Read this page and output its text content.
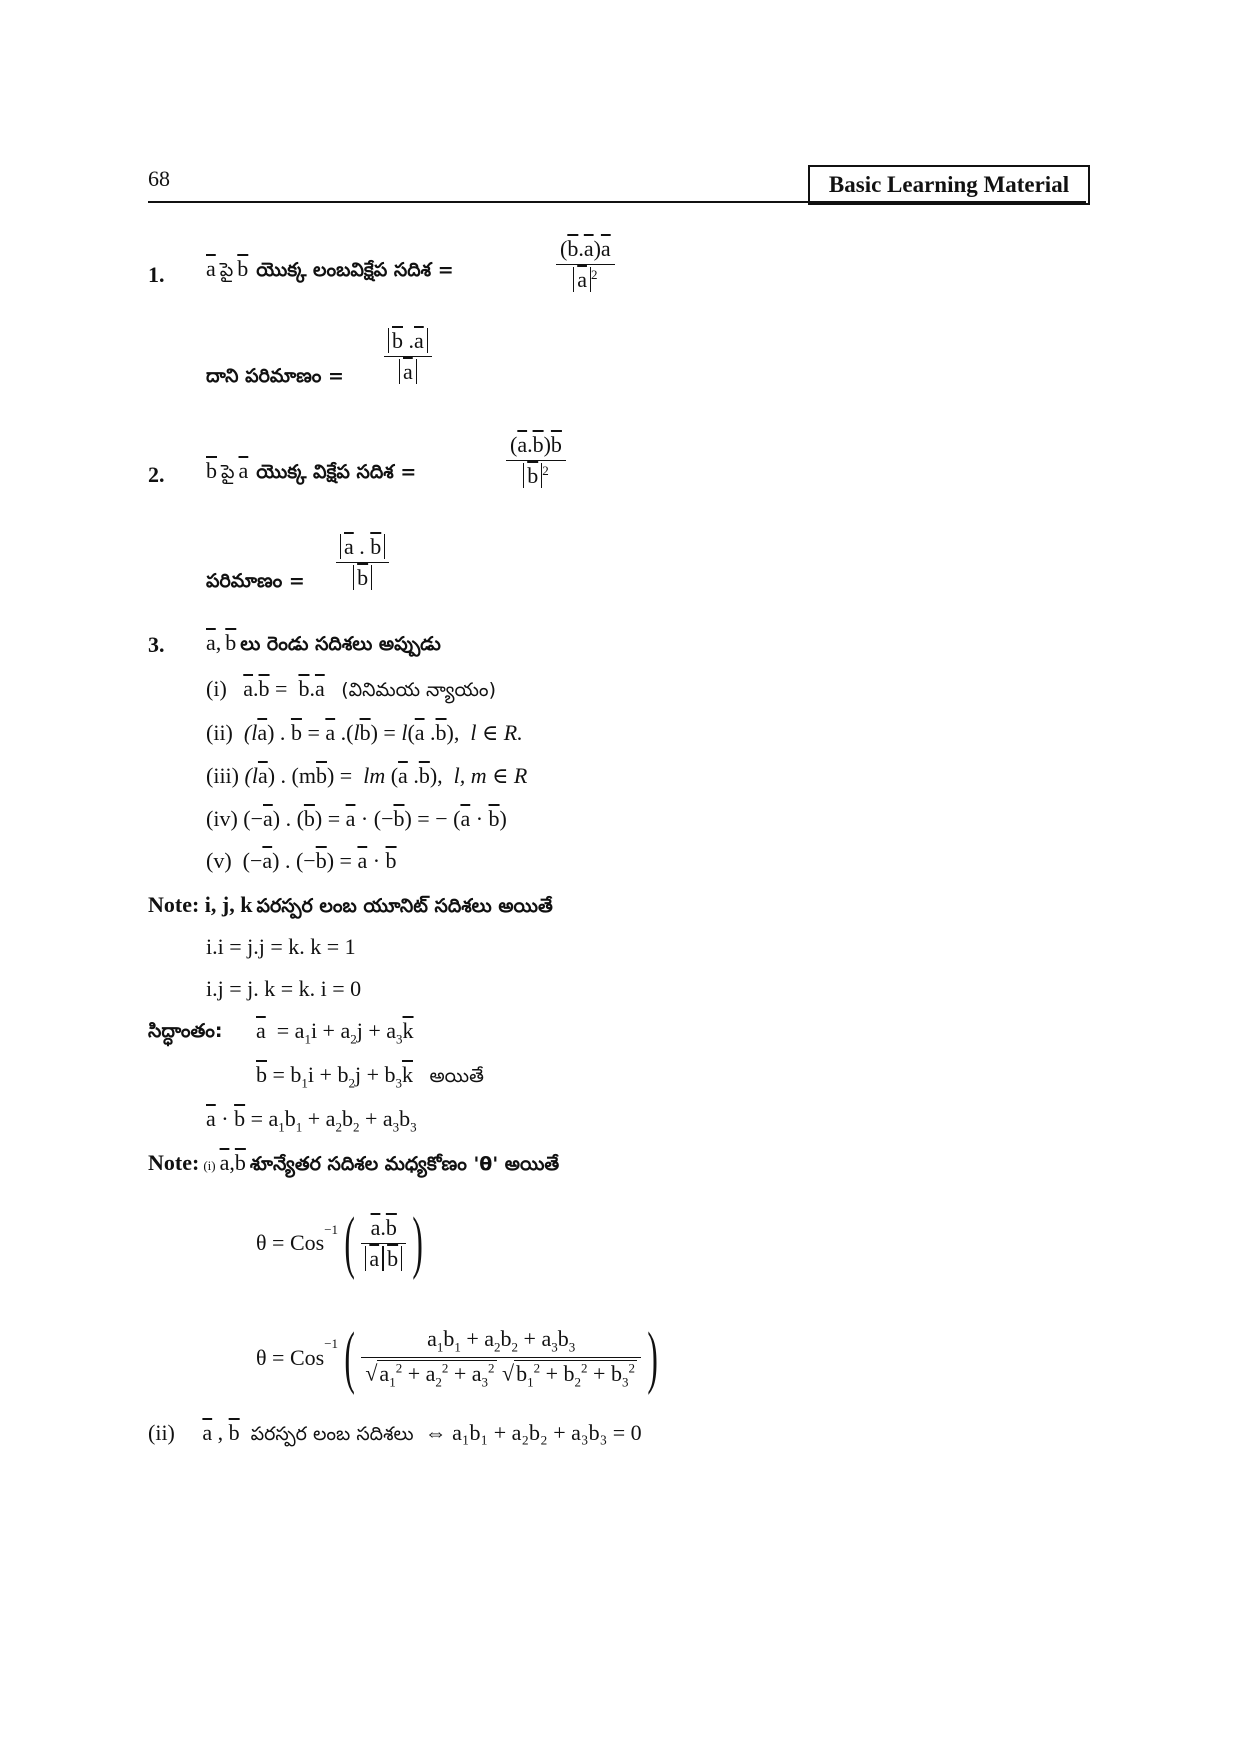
68	Basic Learning Material
1. $\overline{a}$ పై $\overline{b}$ యొక్క లంబవిక్షేప సదిశ =	$\frac{(\overline{b}.\overline{a})\overline{a}}{\overline{a} ^2}$
దాని పరిమాణం = $\frac{\overline{b} .\overline{a}}{a}$
2. $\overline{b}$ పై $\overline{a}$ యొక్క విక్షేప సదిశ =	$\frac{(\overline{a}.\overline{b})\overline{b}}{\overline{b} ^2}$
పరిమాణం = $\frac{\overline{a} . \overline{b}}{b}$
3. $\overline{a}$, $\overline{b}$ లు రెండు సదిశలు అప్పుడు
(i) $\overline{a}.\overline{b} = \overline{b}.\overline{a}$ (వినిమయ న్యాయం)
(ii) $(l\overline{a})$ . $\overline{b} = \overline{a}$ $.(l\overline{b}) = l(\overline{a}$ $.\overline{b}$),  l ∈ R.
(iii) $(l\overline{a})$ . $(m\overline{b})$ =  lm ($\overline{a}$ $.\overline{b}$),  l, m ∈ R
(iv) $(-\overline{a})$ . $(\overline{b}) = \overline{a} \cdot (-\overline{b})$ = − $(\overline{a} \cdot \overline{b})$
(v)  $(-\overline{a})$ . $(-\overline{b}) = \overline{a} \cdot \overline{b}$
Note: i, j, k పరస్పర లంబ యూనిట్ సదిశలు అయితే
i.i = j.j = k. k = 1
i.j = j. k = k. i = 0
సిద్ధాంతం: $\overline{a} = a_1i + a_2j + a_3\overline{k}$
$\overline{b} = b_1i + b_2j + b_3\overline{k}$ అయితే
$\overline{a} \cdot \overline{b} = a_1b_1 + a_2b_2 + a_3b_3$
Note: (i) $\overline{a},\overline{b}$ శూన్యేతర సదిశల మధ్యకోణం 'θ' అయితే
θ = Cos
$^{-1}$ ( $\frac{\overline{a}.\overline{b}}{\overline{a} \overline{b}}$ )
θ = Cos
$^{-1}$ ( $\frac{a_1b_1 + a_2b_2 + a_3b_3}{√a_1^2 + a_2^2 + a_3^2 √b_1^2 + b_2^2 + b_3^2}$ )
(ii) $\overline{a}$ , $\overline{b}$ పరస్పర లంబ సదిశలు ⇔ a₁b₁ + a₂b₂ + a₃b₃ = 0
